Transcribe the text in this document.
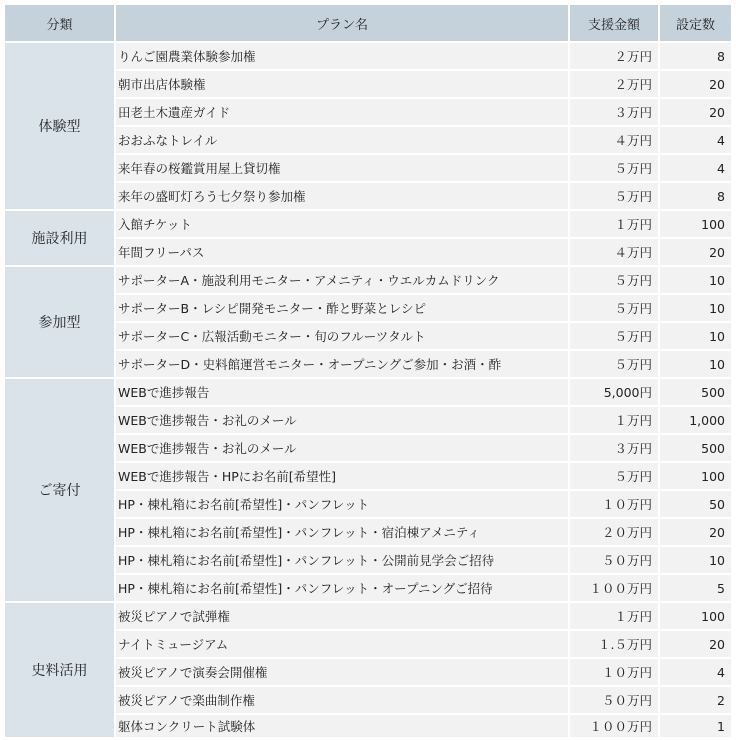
分類	プラン名	支援金額	設定数
体験型	りんご園農業体験参加権	２万円	8
	朝市出店体験権	２万円	20
	田老土木遺産ガイド	３万円	20
	おおふなトレイル	４万円	4
	来年春の桜鑑賞用屋上貸切権	５万円	4
	来年の盛町灯ろう七夕祭り参加権	５万円	8
施設利用	入館チケット	１万円	100
	年間フリーパス	４万円	20
参加型	サポーターA・施設利用モニター・アメニティ・ウエルカムドリンク	５万円	10
	サポーターB・レシピ開発モニター・酢と野菜とレシピ	５万円	10
	サポーターC・広報活動モニター・旬のフルーツタルト	５万円	10
	サポーターD・史料館運営モニター・オープニングご参加・お酒・酢	５万円	10
ご寄付	WEBで進捗報告	5,000円	500
	WEBで進捗報告・お礼のメール	１万円	1,000
	WEBで進捗報告・お礼のメール	３万円	500
	WEBで進捗報告・HPにお名前[希望性]	５万円	100
	HP・棟札箱にお名前[希望性]・パンフレット	１０万円	50
	HP・棟札箱にお名前[希望性]・パンフレット・宿泊棟アメニティ	２０万円	20
	HP・棟札箱にお名前[希望性]・パンフレット・公開前見学会ご招待	５０万円	10
	HP・棟札箱にお名前[希望性]・パンフレット・オープニングご招待	１００万円	5
史料活用	被災ピアノで試弾権	１万円	100
	ナイトミュージアム	１.５万円	20
	被災ピアノで演奏会開催権	１０万円	4
	被災ピアノで楽曲制作権	５０万円	2
	躯体コンクリート試験体	１００万円	1
